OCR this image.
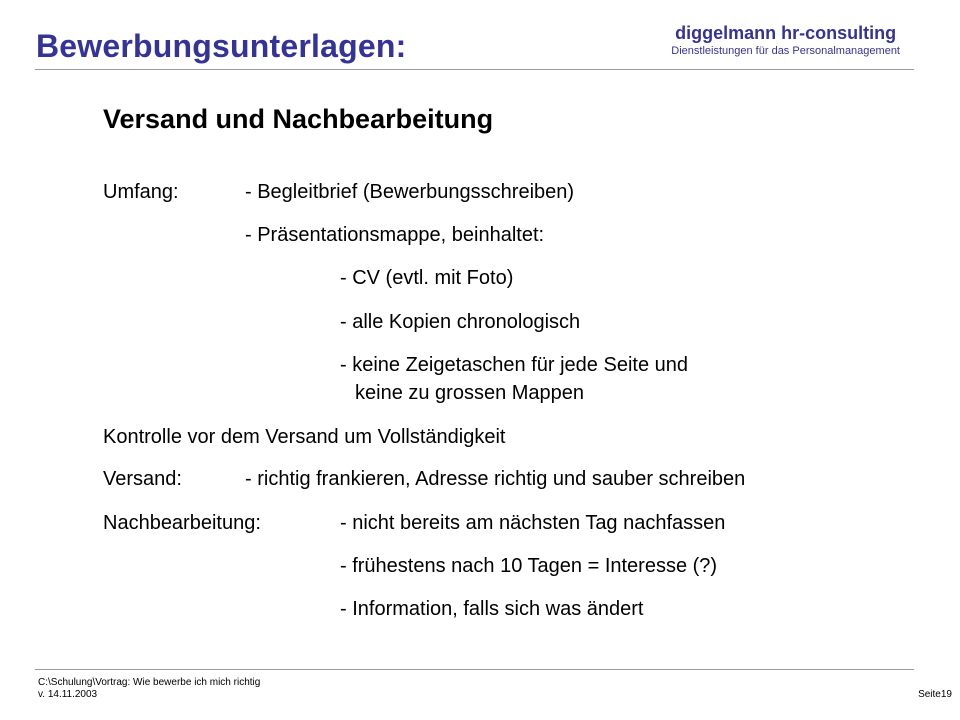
Bewerbungsunterlagen:	diggelmann hr-consulting
Dienstleistungen für das Personalmanagement
Versand und Nachbearbeitung
Umfang:	- Begleitbrief (Bewerbungsschreiben)
- Präsentationsmappe, beinhaltet:
- CV (evtl. mit Foto)
- alle Kopien chronologisch
- keine Zeigetaschen für jede Seite und
keine zu grossen Mappen
Kontrolle vor dem Versand um Vollständigkeit
Versand:	- richtig frankieren, Adresse richtig und sauber schreiben
Nachbearbeitung:	- nicht bereits am nächsten Tag nachfassen
- frühestens nach 10 Tagen = Interesse (?)
- Information, falls sich was ändert
C:\Schulung\Vortrag: Wie bewerbe ich mich richtig
v. 14.11.2003	Seite19
